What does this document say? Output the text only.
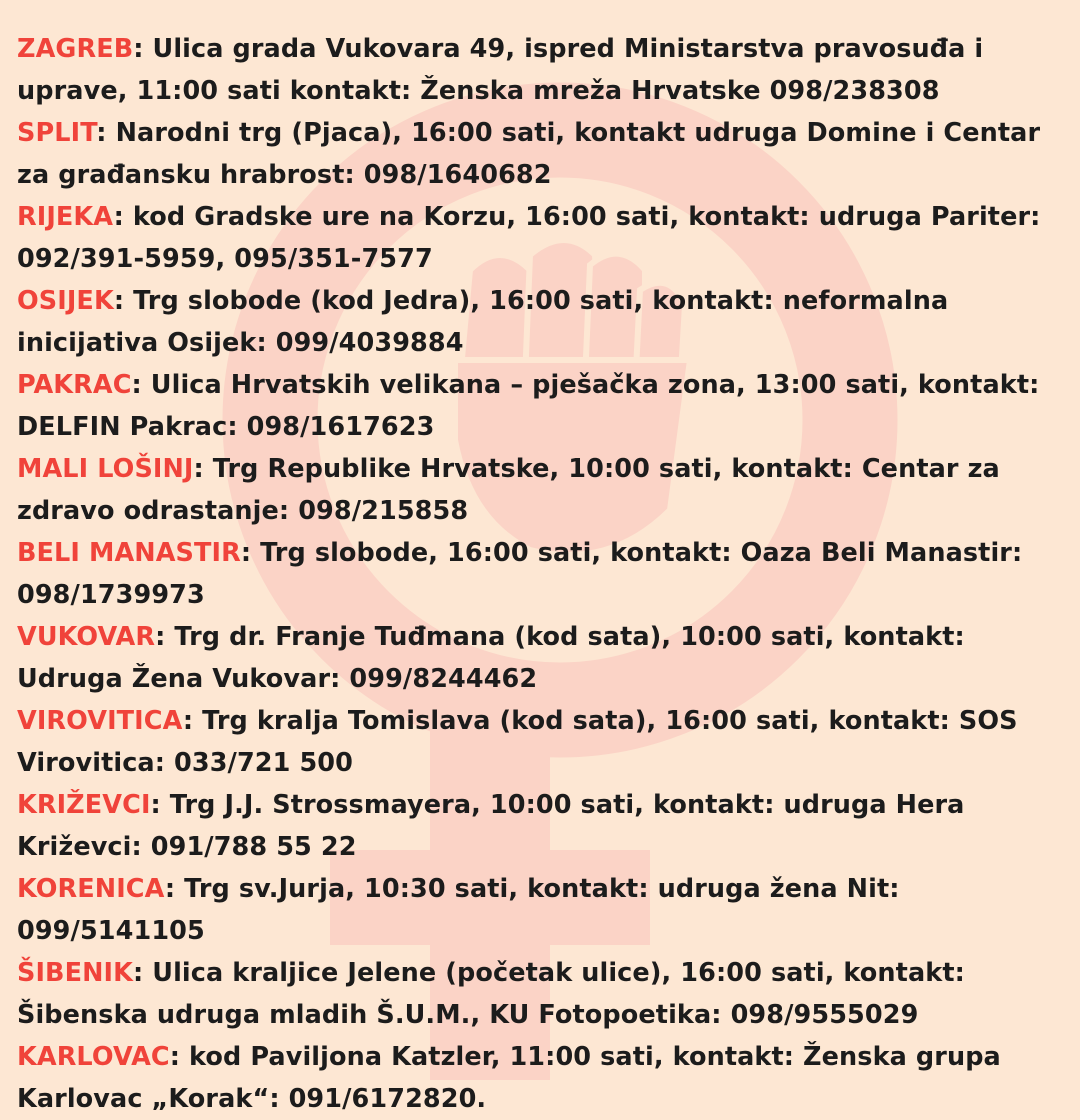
ZAGREB: Ulica grada Vukovara 49, ispred Ministarstva pravosuđa i uprave, 11:00 sati kontakt: Ženska mreža Hrvatske 098/238308

SPLIT: Narodni trg (Pjaca), 16:00 sati, kontakt udruga Domine i Centar za građansku hrabrost: 098/1640682

RIJEKA: kod Gradske ure na Korzu, 16:00 sati, kontakt: udruga Pariter: 092/391-5959, 095/351-7577

OSIJEK: Trg slobode (kod Jedra), 16:00 sati, kontakt: neformalna inicijativa Osijek: 099/4039884

PAKRAC: Ulica Hrvatskih velikana – pješačka zona, 13:00 sati, kontakt: DELFIN Pakrac: 098/1617623

MALI LOŠINJ: Trg Republike Hrvatske, 10:00 sati, kontakt: Centar za zdravo odrastanje: 098/215858

BELI MANASTIR: Trg slobode, 16:00 sati, kontakt: Oaza Beli Manastir: 098/1739973

VUKOVAR: Trg dr. Franje Tuđmana (kod sata), 10:00 sati, kontakt: Udruga Žena Vukovar: 099/8244462

VIROVITICA: Trg kralja Tomislava (kod sata), 16:00 sati, kontakt: SOS Virovitica: 033/721 500

KRIŽEVCI: Trg J.J. Strossmayera, 10:00 sati, kontakt: udruga Hera Križevci: 091/788 55 22

KORENICA: Trg sv.Jurja, 10:30 sati, kontakt: udruga žena Nit: 099/5141105

ŠIBENIK: Ulica kraljice Jelene (početak ulice), 16:00 sati, kontakt: Šibenska udruga mladih Š.U.M., KU Fotopoetika: 098/9555029

KARLOVAC: kod Paviljona Katzler, 11:00 sati, kontakt: Ženska grupa Karlovac „Korak“: 091/6172820.
